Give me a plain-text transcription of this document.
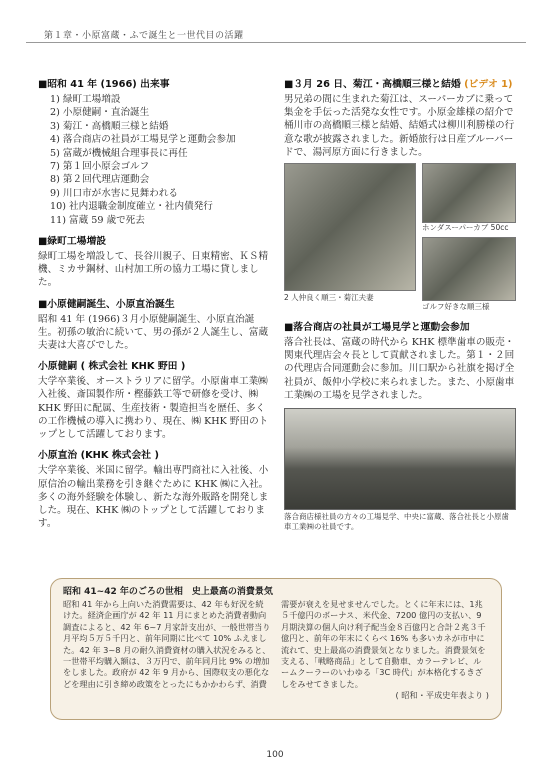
第１章・小原富蔵・ふで誕生と一世代目の活躍
■昭和 41 年 (1966) 出来事
1) 緑町工場増設
2) 小原健嗣・直治誕生
3) 菊江・高橋順三様と結婚
4) 落合商店の社員が工場見学と運動会参加
5) 富蔵が機械組合理事長に再任
7) 第１回小原会ゴルフ
8) 第２回代理店運動会
9) 川口市が水害に見舞われる
10) 社内退職金制度確立・社内債発行
11) 富蔵 59 歳で死去
■緑町工場増設

緑町工場を増設して、長谷川親子、日東精密、ＫＳ精機、ミカサ鋼材、山村加工所の協力工場に貸しました。

■小原健嗣誕生、小原直治誕生

昭和 41 年 (1966)３月小原健嗣誕生、小原直治誕生。初孫の敏治に続いて、男の孫が２人誕生し、富蔵夫妻は大喜びでした。

小原健嗣 ( 株式会社 KHK 野田 )

大学卒業後、オーストラリアに留学。小原歯車工業㈱入社後、斎国製作所・樫藤鉄工等で研修を受け、㈱ KHK 野田に配属、生産技術・製造担当を歴任、多くの工作機械の導入に携わり、現在、㈱ KHK 野田のトップとして活躍しております。

小原直治 (KHK 株式会社 )

大学卒業後、米国に留学。輸出専門商社に入社後、小原信治の輸出業務を引き継ぐために KHK ㈱に入社。多くの海外経験を体験し、新たな海外販路を開発しました。現在、KHK ㈱のトップとして活躍しております。

■３月 26 日、菊江・高橋順三様と結婚 (ビデオ 1)

男兄弟の間に生まれた菊江は、スーパーカブに乗って集金を手伝った活発な女性です。小原金雄様の紹介で桶川市の高橋順三様と結婚、結婚式は柳川利勝様の行意な歌が披露されました。新婚旅行は日産ブルーバードで、湯河原方面に行きました。

2 人仲良く順三・菊江夫妻
ホンダスーパーカブ 50cc
ゴルフ好きな順三様
■落合商店の社員が工場見学と運動会参加

落合社長は、富蔵の時代から KHK 標準歯車の販売・関東代理店会々長として貢献されました。第１・２回の代理店合同運動会に参加。川口駅から社旗を掲げ全社員が、飯仲小学校に来られました。また、小原歯車工業㈱の工場を見学されました。

落合商店様社員の方々の工場見学、中央に富蔵、落合社長と小原歯車工業㈱の社員です。
昭和 41~42 年のごろの世相　史上最高の消費景気
昭和 41 年から上向いた消費需要は、42 年も好況を続けた。経済企画庁が 42 年 11 月にまとめた消費者動向調査によると、42 年 6~7 月家計支出が、一般世帯当り月平均５万５千円と、前年同期に比べて 10% ふえました。42 年 3~8 月の耐久消費資材の購入状況をみると、一世帯平均購入額は、３万円で、前年同月比 9% の増加をしました。政府が 42 年 9 月から、国際収支の悪化などを理由に引き締め政策をとったにもかかわらず、消費
需要が衰えを見せませんでした。とくに年末には、1兆５千億円のボーナス、米代金、7200 億円の支払い、9 月期決算の個人向け利子配当金８百億円と合計２兆３千億円と、前年の年末にくらべ 16% も多いカネが市中に流れて、史上最高の消費景気となりました。消費景気を支える、「戦略商品」として自動車、カラーテレビ、ルームクーラーのいわゆる「3C 時代」が本格化するきざしをみせてきました。
( 昭和・平成史年表より )
100
